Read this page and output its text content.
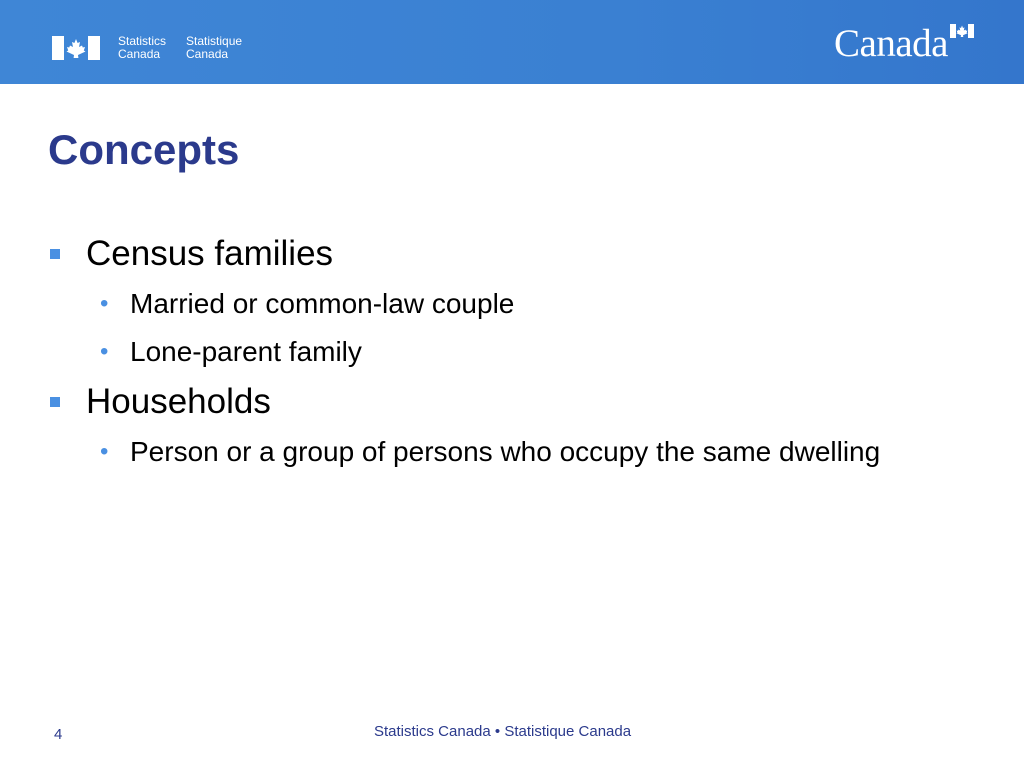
Statistics
Canada
Statistique
Canada	Canada
Concepts
Census families
• Married or common-law couple
• Lone-parent family
Households
• Person or a group of persons who occupy the same dwelling
4	Statistics Canada • Statistique Canada
